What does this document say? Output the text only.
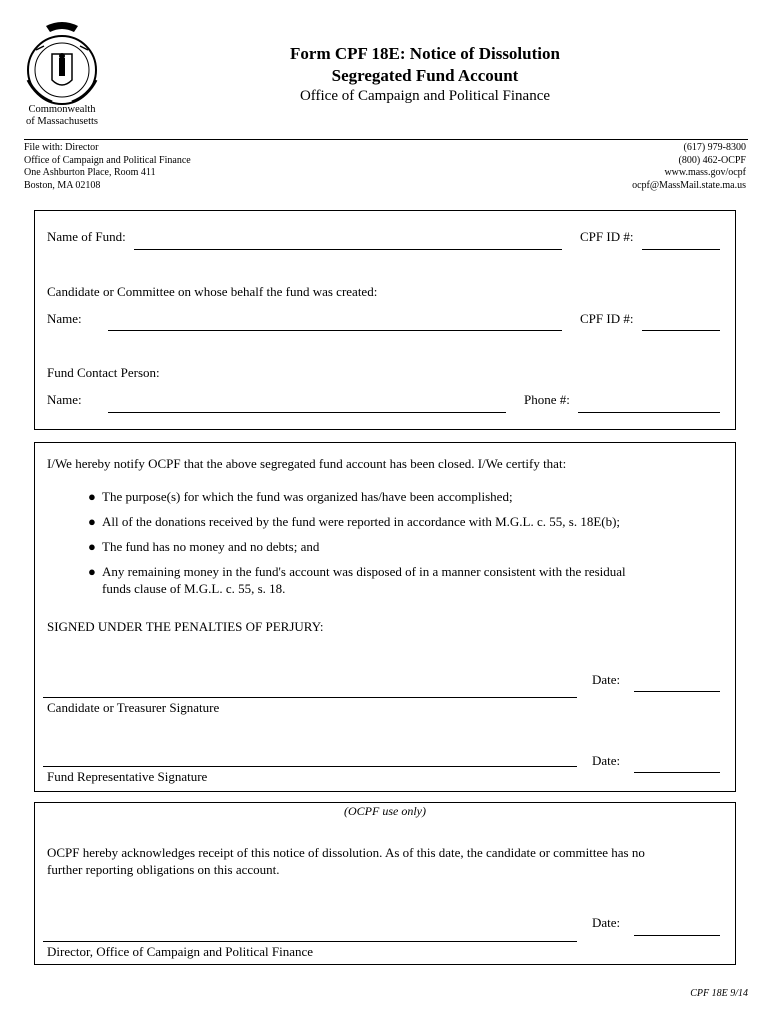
Commonwealth
of Massachusetts
Form CPF 18E: Notice of Dissolution
Segregated Fund Account
Office of Campaign and Political Finance
File with: Director
Office of Campaign and Political Finance
One Ashburton Place, Room 411
Boston, MA 02108
(617) 979-8300
(800) 462-OCPF
www.mass.gov/ocpf
ocpf@MassMail.state.ma.us
Name of Fund:	CPF ID #:
Candidate or Committee on whose behalf the fund was created:
Name:	CPF ID #:
Fund Contact Person:
Name:	Phone #:
I/We hereby notify OCPF that the above segregated fund account has been closed. I/We certify that:
● The purpose(s) for which the fund was organized has/have been accomplished;
● All of the donations received by the fund were reported in accordance with M.G.L. c. 55, s. 18E(b);
● The fund has no money and no debts; and
● Any remaining money in the fund's account was disposed of in a manner consistent with the residual
funds clause of M.G.L. c. 55, s. 18.
SIGNED UNDER THE PENALTIES OF PERJURY:
Date:
Candidate or Treasurer Signature
Date:
Fund Representative Signature
(OCPF use only)
OCPF hereby acknowledges receipt of this notice of dissolution. As of this date, the candidate or committee has no
further reporting obligations on this account.
Date:
Director, Office of Campaign and Political Finance
CPF 18E 9/14
